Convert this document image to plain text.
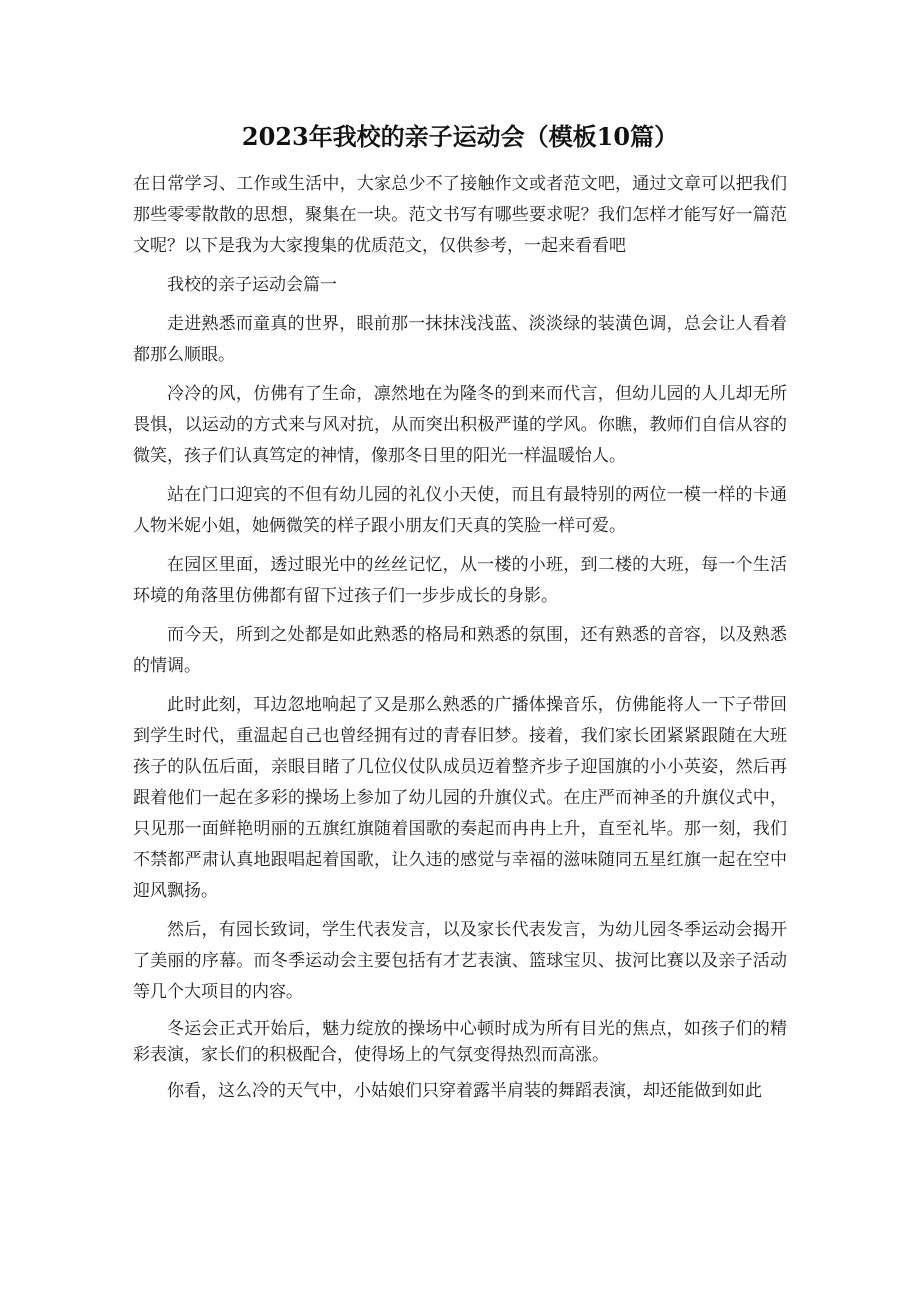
2023年我校的亲子运动会（模板10篇）

在日常学习、工作或生活中，大家总少不了接触作文或者范文吧，通过文章可以把我们那些零零散散的思想，聚集在一块。范文书写有哪些要求呢？我们怎样才能写好一篇范文呢？以下是我为大家搜集的优质范文，仅供参考，一起来看看吧

我校的亲子运动会篇一

走进熟悉而童真的世界，眼前那一抹抹浅浅蓝、淡淡绿的装潢色调，总会让人看着都那么顺眼。

冷冷的风，仿佛有了生命，凛然地在为隆冬的到来而代言，但幼儿园的人儿却无所畏惧，以运动的方式来与风对抗，从而突出积极严谨的学风。你瞧，教师们自信从容的微笑，孩子们认真笃定的神情，像那冬日里的阳光一样温暖怡人。

站在门口迎宾的不但有幼儿园的礼仪小天使，而且有最特别的两位一模一样的卡通人物米妮小姐，她俩微笑的样子跟小朋友们天真的笑脸一样可爱。

在园区里面，透过眼光中的丝丝记忆，从一楼的小班，到二楼的大班，每一个生活环境的角落里仿佛都有留下过孩子们一步步成长的身影。

而今天，所到之处都是如此熟悉的格局和熟悉的氛围，还有熟悉的音容，以及熟悉的情调。

此时此刻，耳边忽地响起了又是那么熟悉的广播体操音乐，仿佛能将人一下子带回到学生时代，重温起自己也曾经拥有过的青春旧梦。接着，我们家长团紧紧跟随在大班孩子的队伍后面，亲眼目睹了几位仪仗队成员迈着整齐步子迎国旗的小小英姿，然后再跟着他们一起在多彩的操场上参加了幼儿园的升旗仪式。在庄严而神圣的升旗仪式中，只见那一面鲜艳明丽的五旗红旗随着国歌的奏起而冉冉上升，直至礼毕。那一刻，我们不禁都严肃认真地跟唱起着国歌，让久违的感觉与幸福的滋味随同五星红旗一起在空中迎风飘扬。

然后，有园长致词，学生代表发言，以及家长代表发言，为幼儿园冬季运动会揭开了美丽的序幕。而冬季运动会主要包括有才艺表演、篮球宝贝、拔河比赛以及亲子活动等几个大项目的内容。

冬运会正式开始后，魅力绽放的操场中心顿时成为所有目光的焦点，如孩子们的精彩表演，家长们的积极配合，使得场上的气氛变得热烈而高涨。

你看，这么冷的天气中，小姑娘们只穿着露半肩装的舞蹈表演，却还能做到如此
